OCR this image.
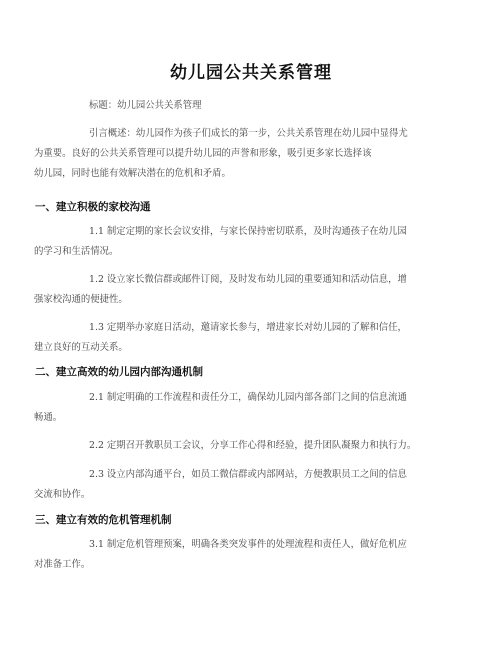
幼儿园公共关系管理
标题：幼儿园公共关系管理
引言概述：幼儿园作为孩子们成长的第一步，公共关系管理在幼儿园中显得尤
为重要。良好的公共关系管理可以提升幼儿园的声誉和形象，吸引更多家长选择该
幼儿园，同时也能有效解决潜在的危机和矛盾。
一、建立积极的家校沟通
1.1 制定定期的家长会议安排，与家长保持密切联系，及时沟通孩子在幼儿园
的学习和生活情况。
1.2 设立家长微信群或邮件订阅，及时发布幼儿园的重要通知和活动信息，增
强家校沟通的便捷性。
1.3 定期举办家庭日活动，邀请家长参与，增进家长对幼儿园的了解和信任，
建立良好的互动关系。
二、建立高效的幼儿园内部沟通机制
2.1 制定明确的工作流程和责任分工，确保幼儿园内部各部门之间的信息流通
畅通。
2.2 定期召开教职员工会议，分享工作心得和经验，提升团队凝聚力和执行力。
2.3 设立内部沟通平台，如员工微信群或内部网站，方便教职员工之间的信息
交流和协作。
三、建立有效的危机管理机制
3.1 制定危机管理预案，明确各类突发事件的处理流程和责任人，做好危机应
对准备工作。
